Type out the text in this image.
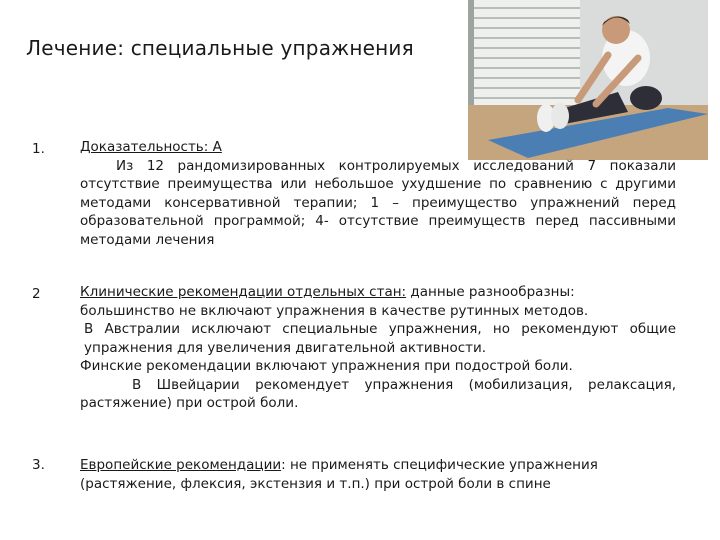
Лечение: специальные упражнения
1.	Доказательность: А

Из 12 рандомизированных контролируемых исследований 7 показали отсутствие преимущества или небольшое ухудшение по сравнению с другими методами консервативной терапии; 1 – преимущество упражнений перед образовательной программой; 4- отсутствие преимуществ перед пассивными методами лечения

2	Клинические рекомендации отдельных стан: данные разнообразны:

большинство не включают упражнения в качестве рутинных методов.

В Австралии исключают специальные упражнения, но рекомендуют общие упражнения для увеличения двигательной активности.

Финские рекомендации включают упражнения при подострой боли.

В Швейцарии рекомендует упражнения (мобилизация, релаксация, растяжение) при острой боли.

3.	Европейские рекомендации: не применять специфические упражнения

(растяжение, флексия, экстензия и т.п.) при острой боли в спине
